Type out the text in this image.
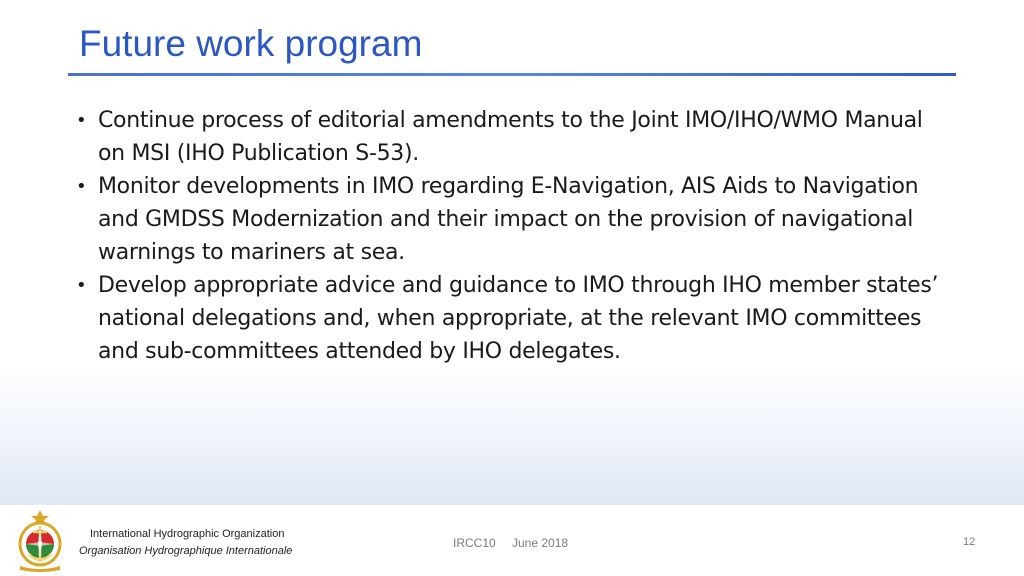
Future work program
• Continue process of editorial amendments to the Joint IMO/IHO/WMO Manual on MSI (IHO Publication S-53).
• Monitor developments in IMO regarding E-Navigation, AIS Aids to Navigation and GMDSS Modernization and their impact on the provision of navigational warnings to mariners at sea.
• Develop appropriate advice and guidance to IMO through IHO member states’ national delegations and, when appropriate, at the relevant IMO committees and sub-committees attended by IHO delegates.
International Hydrographic Organization
Organisation Hydrographique Internationale
IRCC10 June 2018	12
